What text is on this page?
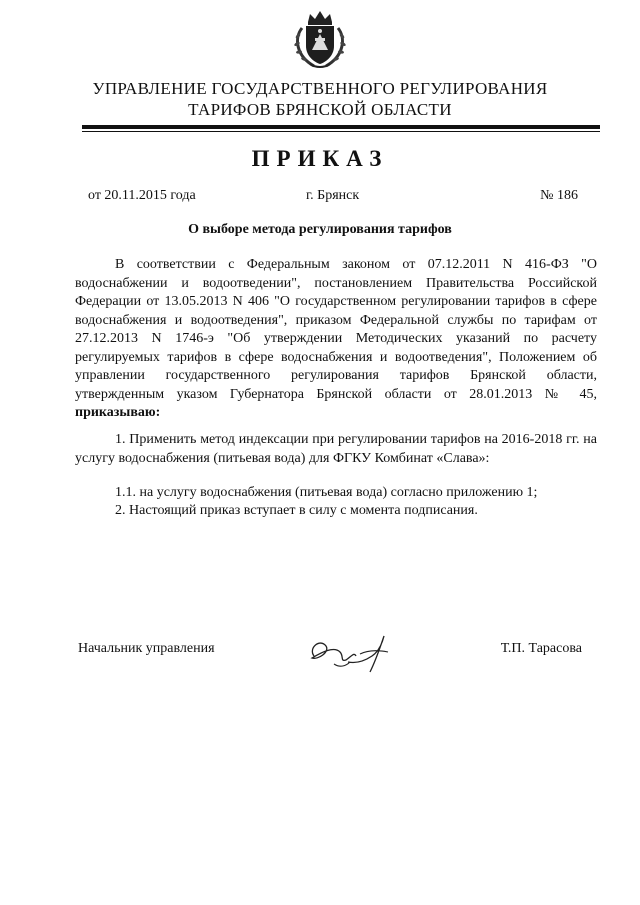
УПРАВЛЕНИЕ ГОСУДАРСТВЕННОГО РЕГУЛИРОВАНИЯ
ТАРИФОВ БРЯНСКОЙ ОБЛАСТИ
ПРИКАЗ
от 20.11.2015 года	г. Брянск	№ 186
О выборе метода регулирования тарифов

В соответствии с Федеральным законом от 07.12.2011 N 416-ФЗ "О водоснабжении и водоотведении", постановлением Правительства Российской Федерации от 13.05.2013 N 406 "О государственном регулировании тарифов в сфере водоснабжения и водоотведения", приказом Федеральной службы по тарифам от 27.12.2013 N 1746-э "Об утверждении Методических указаний по расчету регулируемых тарифов в сфере водоснабжения и водоотведения", Положением об управлении государственного регулирования тарифов Брянской области, утвержденным указом Губернатора Брянской области от 28.01.2013 № 45, приказываю:

1. Применить метод индексации при регулировании тарифов на 2016-2018 гг. на услугу водоснабжения (питьевая вода) для ФГКУ Комбинат «Слава»:

1.1. на услугу водоснабжения (питьевая вода) согласно приложению 1;

2. Настоящий приказ вступает в силу с момента подписания.

Начальник управления	Т.П. Тарасова
